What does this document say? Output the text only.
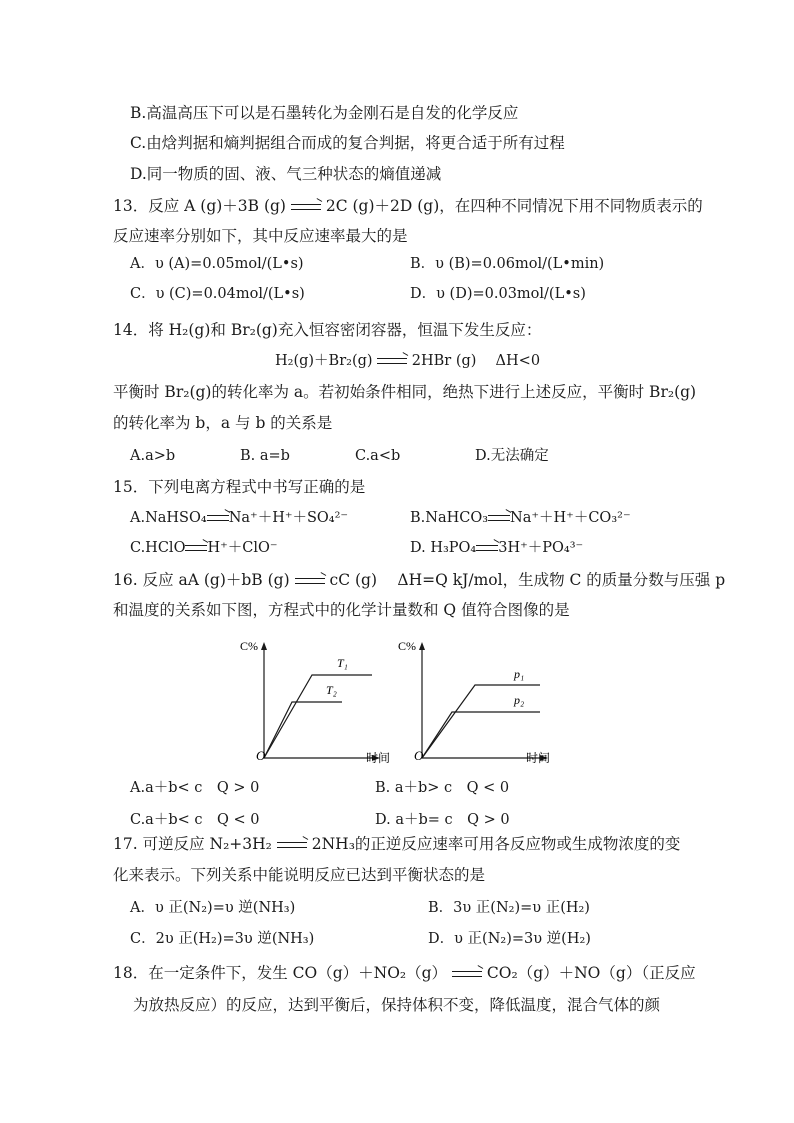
B.高温高压下可以是石墨转化为金刚石是自发的化学反应
C.由焓判据和熵判据组合而成的复合判据，将更合适于所有过程
D.同一物质的固、液、气三种状态的熵值递减
13．反应 A (g)＋3B (g)	2C (g)＋2D (g)，在四种不同情况下用不同物质表示的
反应速率分别如下，其中反应速率最大的是
A．υ (A)=0.05mol/(L•s)	B．υ (B)=0.06mol/(L•min)
C．υ (C)=0.04mol/(L•s)	D．υ (D)=0.03mol/(L•s)
14．将 H₂(g)和 Br₂(g)充入恒容密闭容器，恒温下发生反应：
H₂(g)＋Br₂(g)	2HBr (g)　 ΔH<0
平衡时 Br₂(g)的转化率为 a。若初始条件相同，绝热下进行上述反应，平衡时 Br₂(g)
的转化率为 b，a 与 b 的关系是
A.a>b	B. a=b	C.a<b	D.无法确定
15．下列电离方程式中书写正确的是
A.NaHSO₄ Na⁺＋H⁺＋SO₄²⁻	B.NaHCO₃ Na⁺＋H⁺＋CO₃²⁻
C.HClO H⁺＋ClO⁻	D. H₃PO₄ 3H⁺＋PO₄³⁻
16. 反应 aA (g)＋bB (g)	cC (g)　 ΔH=Q kJ/mol，生成物 C 的质量分数与压强 p
和温度的关系如下图，方程式中的化学计量数和 Q 值符合图像的是
C%
O	时间
T₁
T₂
C%
O	时间
p₁
p₂
A.a＋b< c　Q > 0	B. a＋b> c　Q < 0
C.a＋b< c　Q < 0	D. a＋b= c　Q > 0
17. 可逆反应 N₂+3H₂	2NH₃的正逆反应速率可用各反应物或生成物浓度的变
化来表示。下列关系中能说明反应已达到平衡状态的是
A．υ 正(N₂)=υ 逆(NH₃)	B．3υ 正(N₂)=υ 正(H₂)
C．2υ 正(H₂)=3υ 逆(NH₃)	D．υ 正(N₂)=3υ 逆(H₂)
18．在一定条件下，发生 CO（g）＋NO₂（g）	CO₂（g）＋NO（g）（正反应
为放热反应）的反应，达到平衡后，保持体积不变，降低温度，混合气体的颜
